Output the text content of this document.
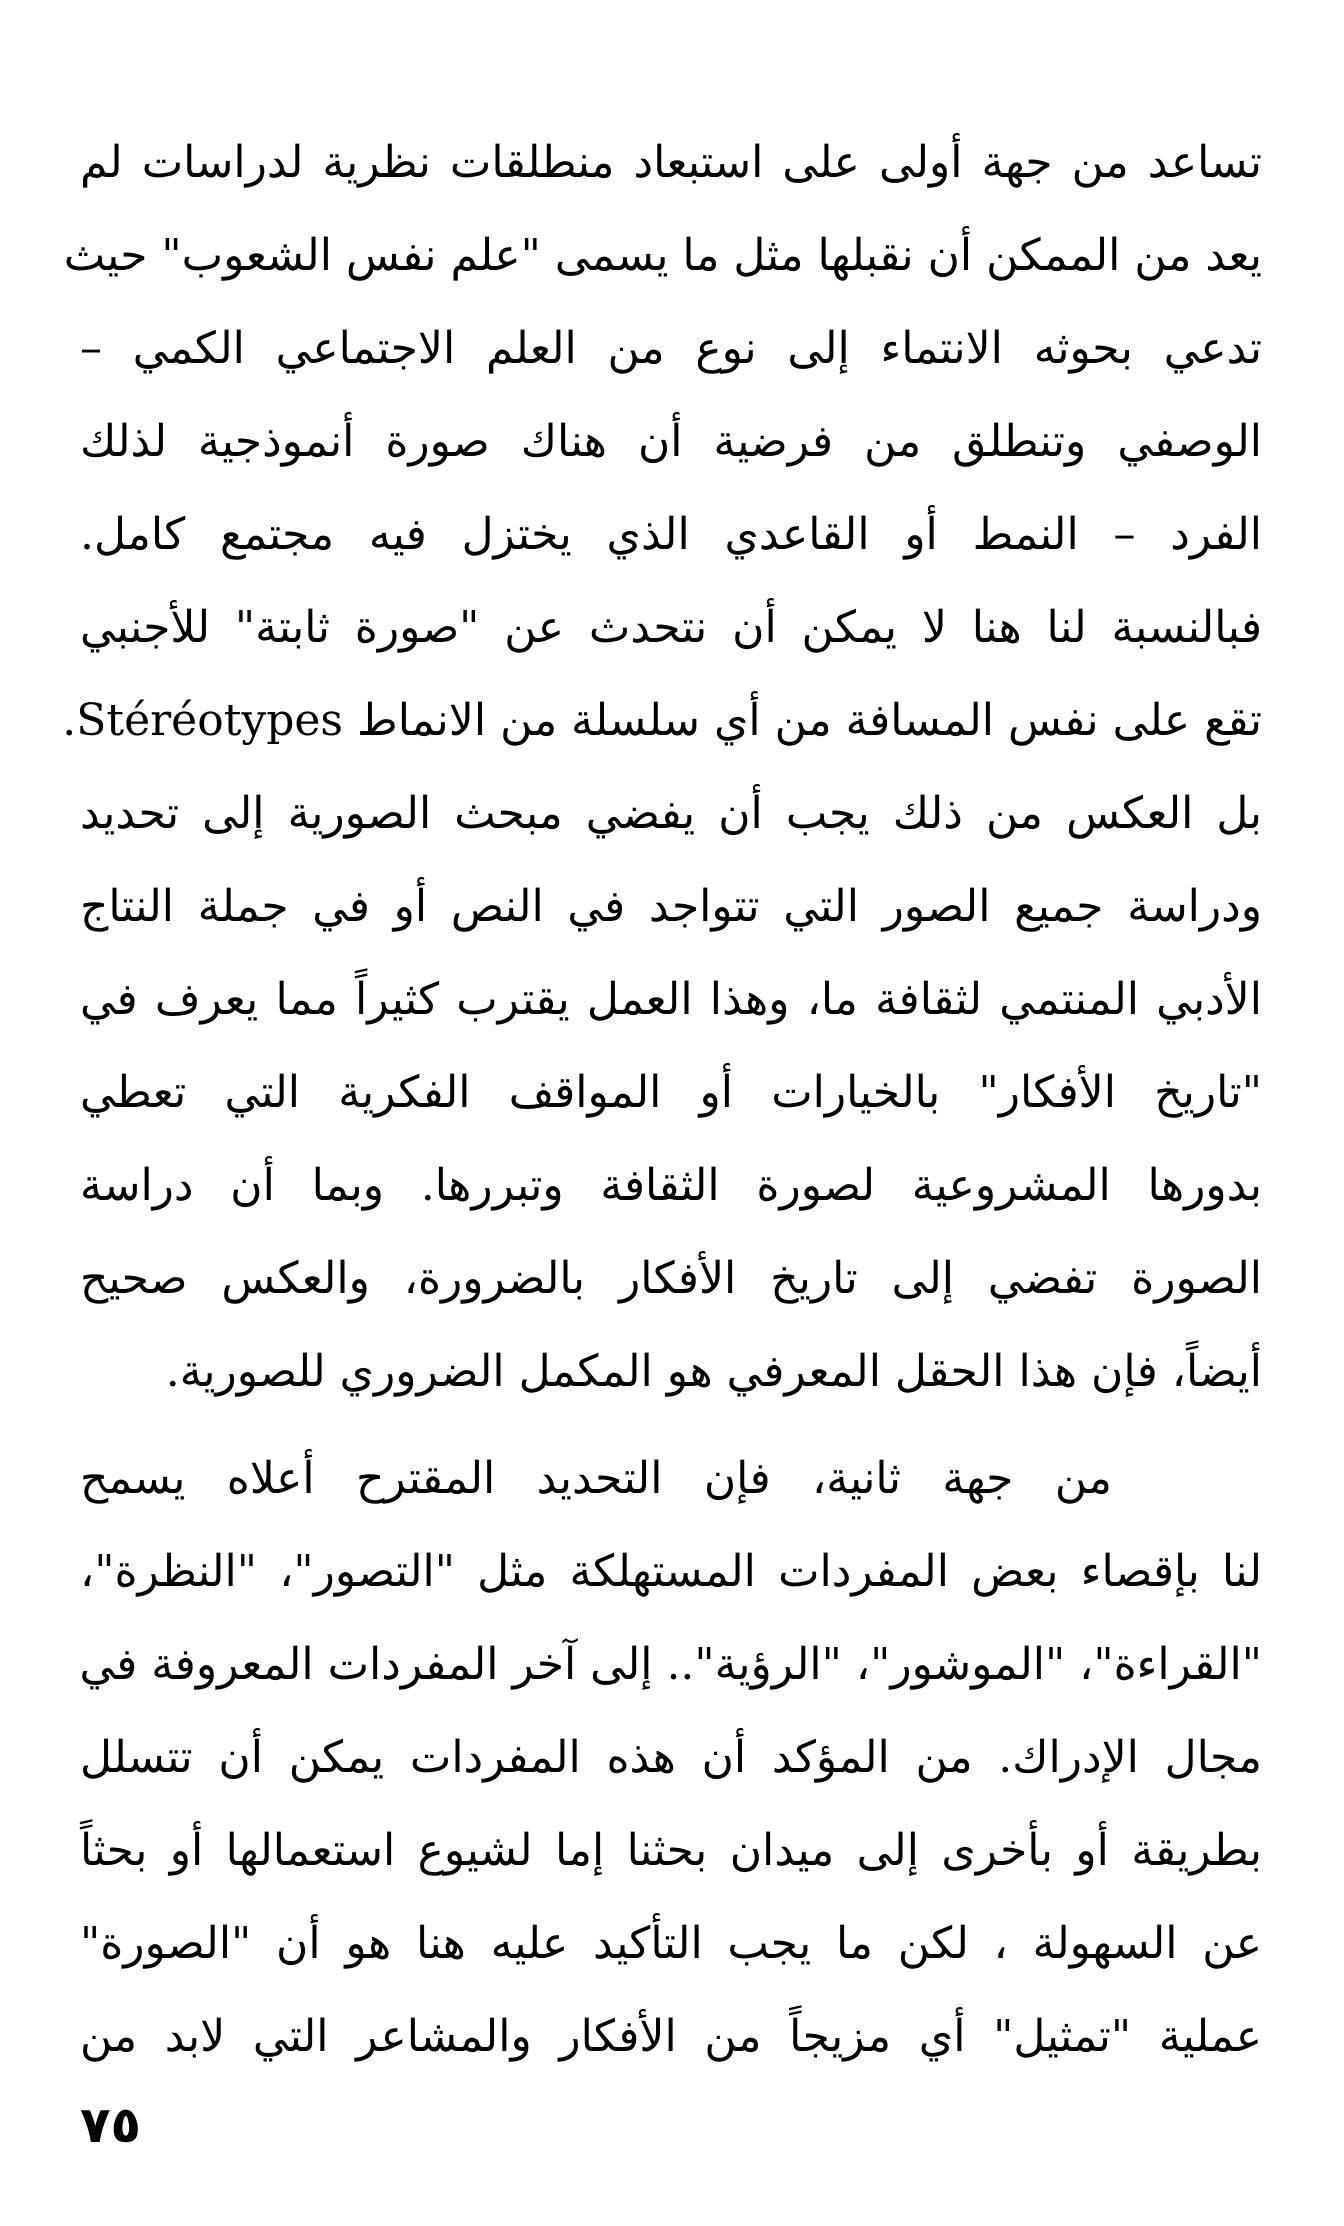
تساعد من جهة أولى على استبعاد منطلقات نظرية لدراسات لم
يعد من الممكن أن نقبلها مثل ما يسمى "علم نفس الشعوب" حيث
تدعي بحوثه الانتماء إلى نوع من العلم الاجتماعي الكمي –
الوصفي وتنطلق من فرضية أن هناك صورة أنموذجية لذلك
الفرد – النمط أو القاعدي الذي يختزل فيه مجتمع كامل.
فبالنسبة لنا هنا لا يمكن أن نتحدث عن "صورة ثابتة" للأجنبي
تقع على نفس المسافة من أي سلسلة من الانماط Stéréotypes.
بل العكس من ذلك يجب أن يفضي مبحث الصورية إلى تحديد
ودراسة جميع الصور التي تتواجد في النص أو في جملة النتاج
الأدبي المنتمي لثقافة ما، وهذا العمل يقترب كثيراً مما يعرف في
"تاريخ الأفكار" بالخيارات أو المواقف الفكرية التي تعطي
بدورها المشروعية لصورة الثقافة وتبررها. وبما أن دراسة
الصورة تفضي إلى تاريخ الأفكار بالضرورة، والعكس صحيح
أيضاً، فإن هذا الحقل المعرفي هو المكمل الضروري للصورية.
من جهة ثانية، فإن التحديد المقترح أعلاه يسمح
لنا بإقصاء بعض المفردات المستهلكة مثل "التصور"، "النظرة"،
"القراءة"، "الموشور"، "الرؤية".. إلى آخر المفردات المعروفة في
مجال الإدراك. من المؤكد أن هذه المفردات يمكن أن تتسلل
بطريقة أو بأخرى إلى ميدان بحثنا إما لشيوع استعمالها أو بحثاً
عن السهولة ، لكن ما يجب التأكيد عليه هنا هو أن "الصورة"
عملية "تمثيل" أي مزيجاً من الأفكار والمشاعر التي لابد من
٧٥
